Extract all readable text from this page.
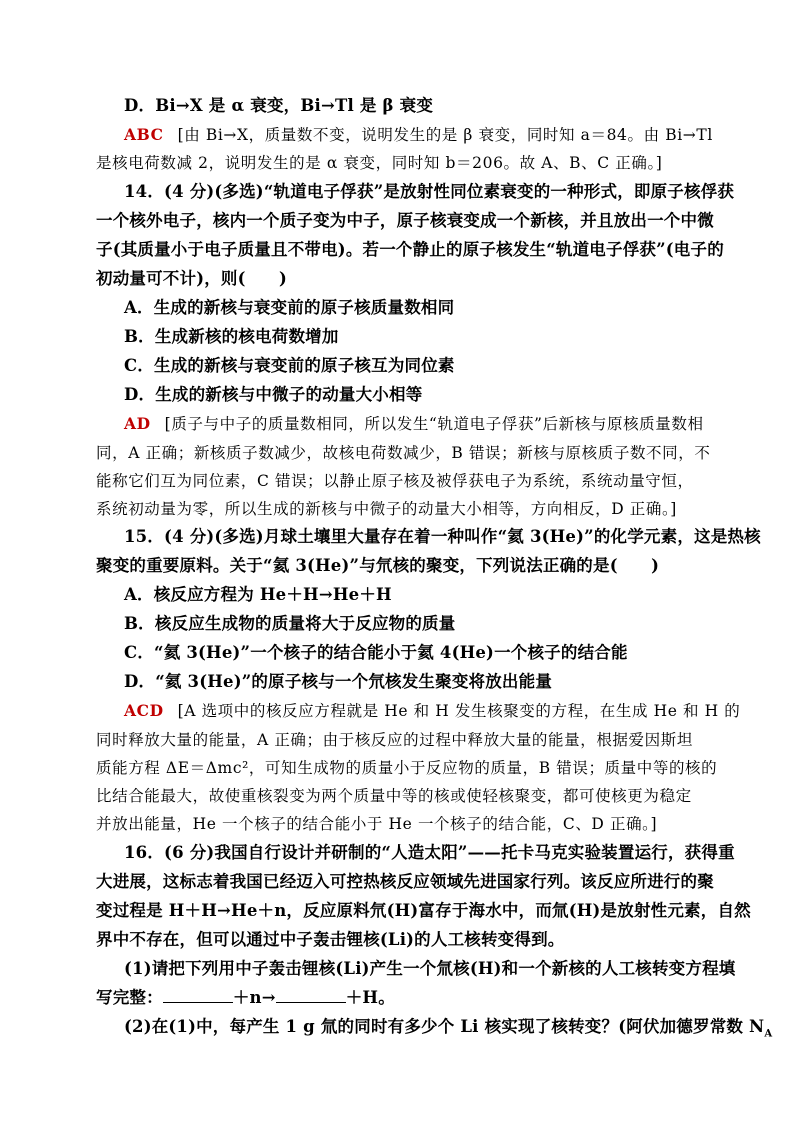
D．Bi→X 是 α 衰变，Bi→Tl 是 β 衰变
ABC [由 Bi→X，质量数不变，说明发生的是 β 衰变，同时知 a＝84。由 Bi→Tl
是核电荷数减 2，说明发生的是 α 衰变，同时知 b＝206。故 A、B、C 正确。]
14．(4 分)(多选)“轨道电子俘获”是放射性同位素衰变的一种形式，即原子核俘获
一个核外电子，核内一个质子变为中子，原子核衰变成一个新核，并且放出一个中微
子(其质量小于电子质量且不带电)。若一个静止的原子核发生“轨道电子俘获”(电子的
初动量可不计)，则(　　)
A．生成的新核与衰变前的原子核质量数相同
B．生成新核的核电荷数增加
C．生成的新核与衰变前的原子核互为同位素
D．生成的新核与中微子的动量大小相等
AD [质子与中子的质量数相同，所以发生“轨道电子俘获”后新核与原核质量数相
同，A 正确；新核质子数减少，故核电荷数减少，B 错误；新核与原核质子数不同，不
能称它们互为同位素，C 错误；以静止原子核及被俘获电子为系统，系统动量守恒，
系统初动量为零，所以生成的新核与中微子的动量大小相等，方向相反，D 正确。]
15．(4 分)(多选)月球土壤里大量存在着一种叫作“氦 3(He)”的化学元素，这是热核
聚变的重要原料。关于“氦 3(He)”与氘核的聚变，下列说法正确的是(　　)
A．核反应方程为 He＋H→He＋H
B．核反应生成物的质量将大于反应物的质量
C．“氦 3(He)”一个核子的结合能小于氦 4(He)一个核子的结合能
D．“氦 3(He)”的原子核与一个氘核发生聚变将放出能量
ACD [A 选项中的核反应方程就是 He 和 H 发生核聚变的方程，在生成 He 和 H 的
同时释放大量的能量，A 正确；由于核反应的过程中释放大量的能量，根据爱因斯坦
质能方程 ΔE＝Δmc²，可知生成物的质量小于反应物的质量，B 错误；质量中等的核的
比结合能最大，故使重核裂变为两个质量中等的核或使轻核聚变，都可使核更为稳定
并放出能量，He 一个核子的结合能小于 He 一个核子的结合能，C、D 正确。]
16．(6 分)我国自行设计并研制的“人造太阳”——托卡马克实验装置运行，获得重
大进展，这标志着我国已经迈入可控热核反应领域先进国家行列。该反应所进行的聚
变过程是 H＋H→He＋n，反应原料氘(H)富存于海水中，而氚(H)是放射性元素，自然
界中不存在，但可以通过中子轰击锂核(Li)的人工核转变得到。
(1)请把下列用中子轰击锂核(Li)产生一个氚核(H)和一个新核的人工核转变方程填
写完整：	＋n→	＋H。
(2)在(1)中，每产生 1 g 氚的同时有多少个 Li 核实现了核转变？(阿伏加德罗常数 $N_A$
